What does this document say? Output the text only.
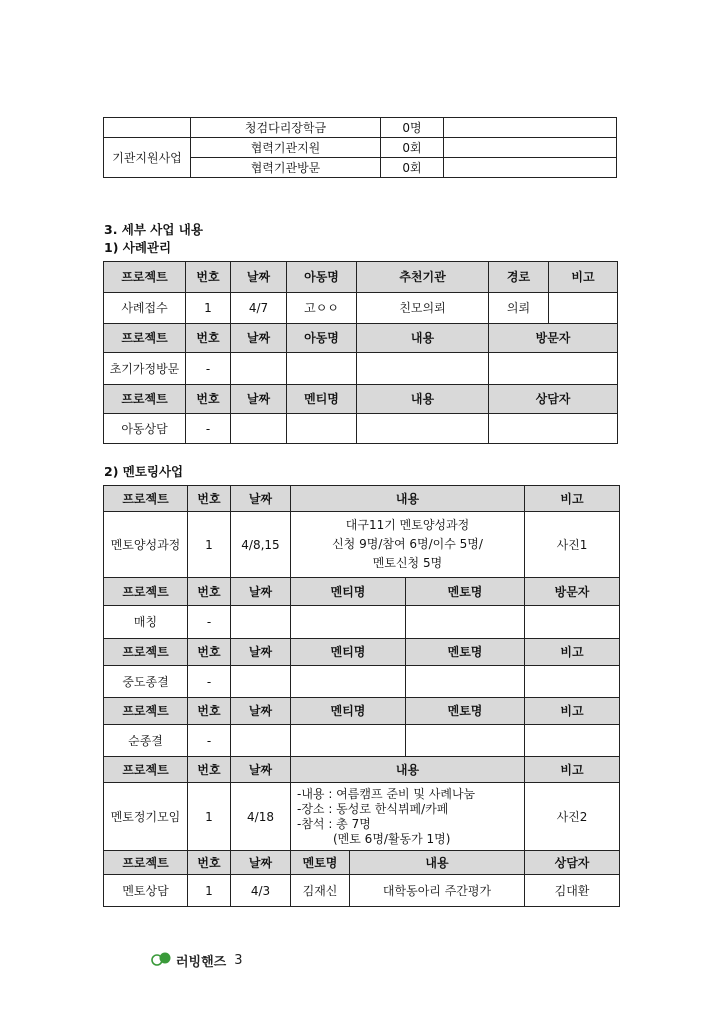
	청검다리장학금	0명	
기관지원사업	협력기관지원	0회	
	협력기관방문	0회	
3. 세부 사업 내용
1) 사례관리
프로젝트	번호	날짜	아동명	추천기관	경로	비고
사례접수	1	4/7	고ㅇㅇ	친모의뢰	의뢰	
프로젝트	번호	날짜	아동명	내용	방문자	
초기가정방문	-					
프로젝트	번호	날짜	멘티명	내용	상담자	
아동상담	-					
2) 멘토링사업
프로젝트	번호	날짜	내용			비고
멘토양성과정	1	4/8,15	대구11기 멘토양성과정
신청 9명/참여 6명/이수 5명/
멘토신청 5명			사진1
프로젝트	번호	날짜	멘티명		멘토명	방문자
매칭	-					
프로젝트	번호	날짜	멘티명		멘토명	비고
중도종결	-					
프로젝트	번호	날짜	멘티명		멘토명	비고
순종결	-					
프로젝트	번호	날짜	내용			비고
멘토정기모임	1	4/18	-내용 : 여름캠프 준비 및 사례나눔
-장소 : 동성로 한식뷔페/카페
-참석 : 총 7명
(멘토 6명/활동가 1명)			사진2
프로젝트	번호	날짜	멘토명	내용		상담자
멘토상담	1	4/3	김재신	대학동아리 주간평가		김대환
러빙핸즈 3
